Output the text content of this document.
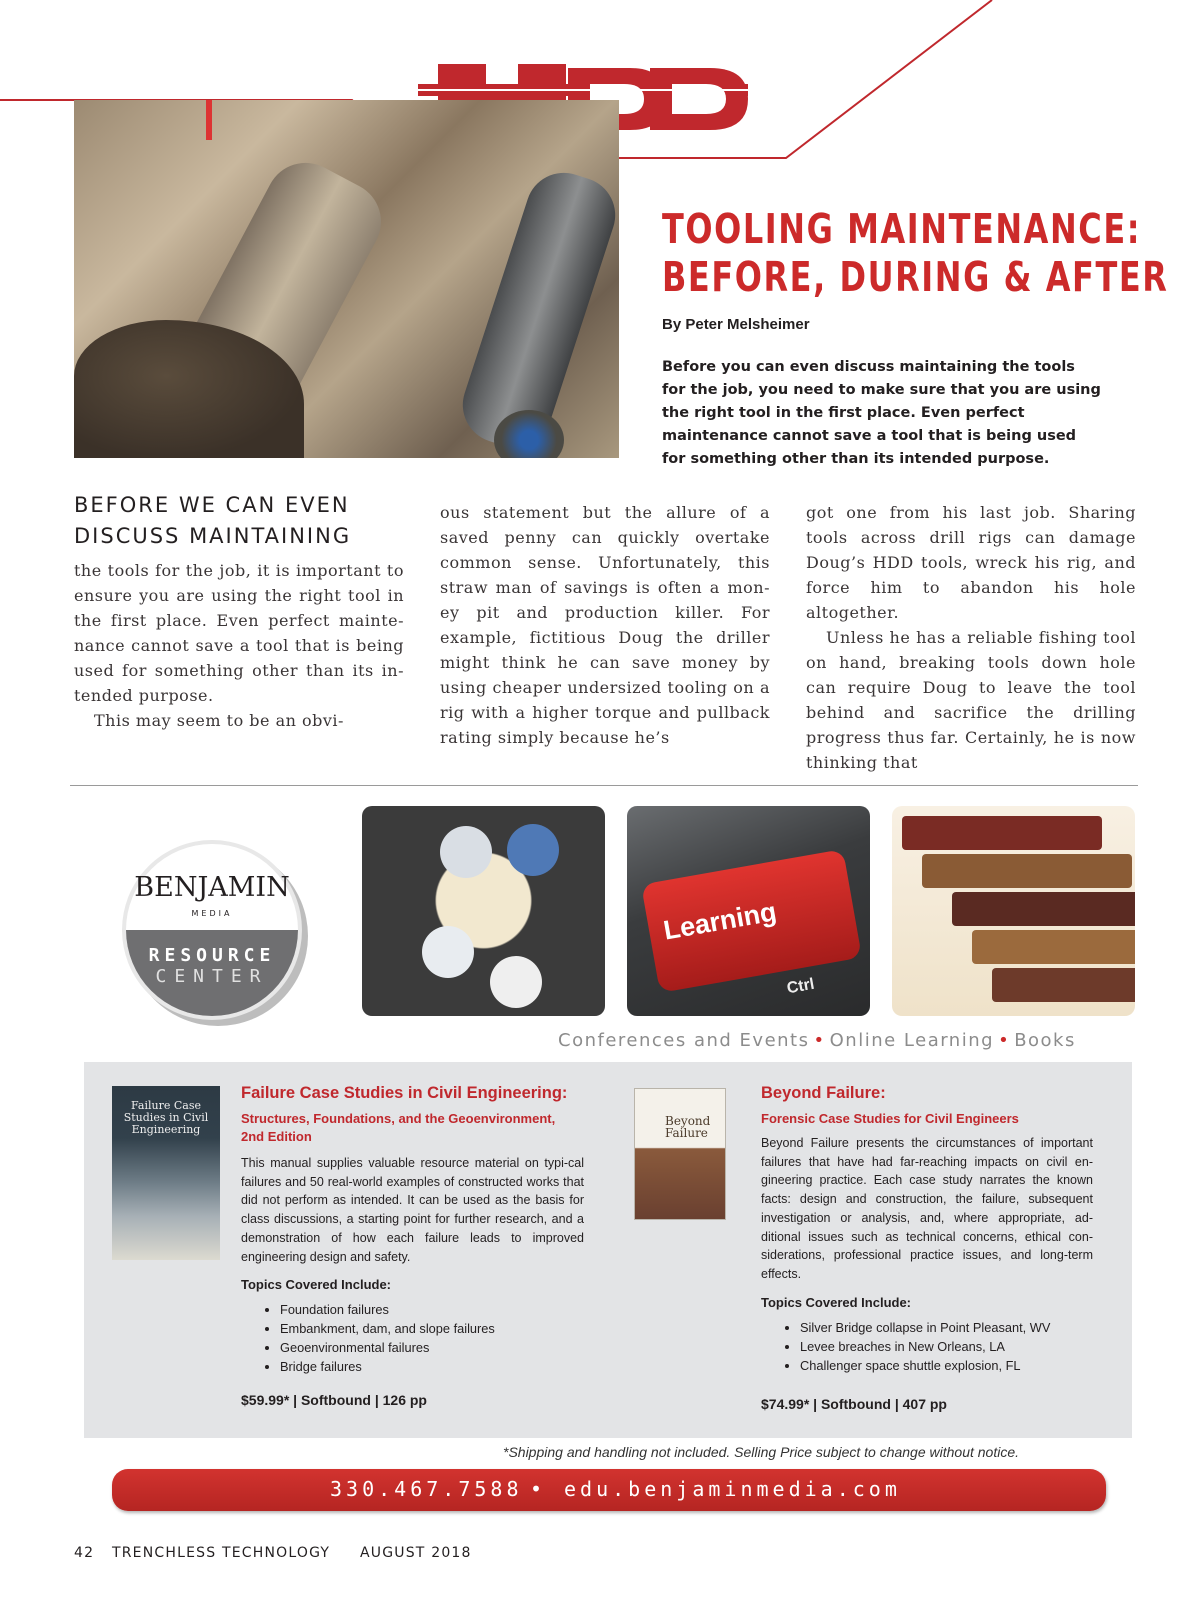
TOOLING MAINTENANCE:
BEFORE, DURING & AFTER
By Peter Melsheimer
Before you can even discuss maintaining the tools for the job, you need to make sure that you are using the right tool in the first place. Even perfect maintenance cannot save a tool that is being used for something other than its intended purpose.
BEFORE WE CAN EVEN DISCUSS MAINTAINING

the tools for the job, it is important to ensure you are using the right tool in the first place. Even perfect mainte-nance cannot save a tool that is being used for something other than its in-tended purpose.

This may seem to be an obvi-

ous statement but the allure of a saved penny can quickly overtake common sense. Unfortunately, this straw man of savings is often a mon-ey pit and production killer. For example, fictitious Doug the driller might think he can save money by using cheaper undersized tooling on a rig with a higher torque and pullback rating simply because he’s

got one from his last job. Sharing tools across drill rigs can damage Doug’s HDD tools, wreck his rig, and force him to abandon his hole altogether.

Unless he has a reliable fishing tool on hand, breaking tools down hole can require Doug to leave the tool behind and sacrifice the drilling progress thus far. Certainly, he is now thinking that

BENJAMIN
MEDIA
RESOURCE
CENTER
Learning
Ctrl
Conferences and Events • Online Learning • Books
Failure Case Studies in Civil Engineering
Failure Case Studies in Civil Engineering:
Structures, Foundations, and the Geoenvironment, 2nd Edition
This manual supplies valuable resource material on typi-cal failures and 50 real-world examples of constructed works that did not perform as intended. It can be used as the basis for class discussions, a starting point for further research, and a demonstration of how each failure leads to improved engineering design and safety.
Topics Covered Include:
• Foundation failures
• Embankment, dam, and slope failures
• Geoenvironmental failures
• Bridge failures
$59.99* | Softbound | 126 pp
Beyond Failure
Beyond Failure:
Forensic Case Studies for Civil Engineers
Beyond Failure presents the circumstances of important failures that have had far-reaching impacts on civil en-gineering practice. Each case study narrates the known facts: design and construction, the failure, subsequent investigation or analysis, and, where appropriate, ad-ditional issues such as technical concerns, ethical con-siderations, professional practice issues, and long-term effects.
Topics Covered Include:
• Silver Bridge collapse in Point Pleasant, WV
• Levee breaches in New Orleans, LA
• Challenger space shuttle explosion, FL
$74.99* | Softbound | 407 pp
*Shipping and handling not included. Selling Price subject to change without notice.
330.467.7588 • edu.benjaminmedia.com
42 TRENCHLESS TECHNOLOGY AUGUST 2018
